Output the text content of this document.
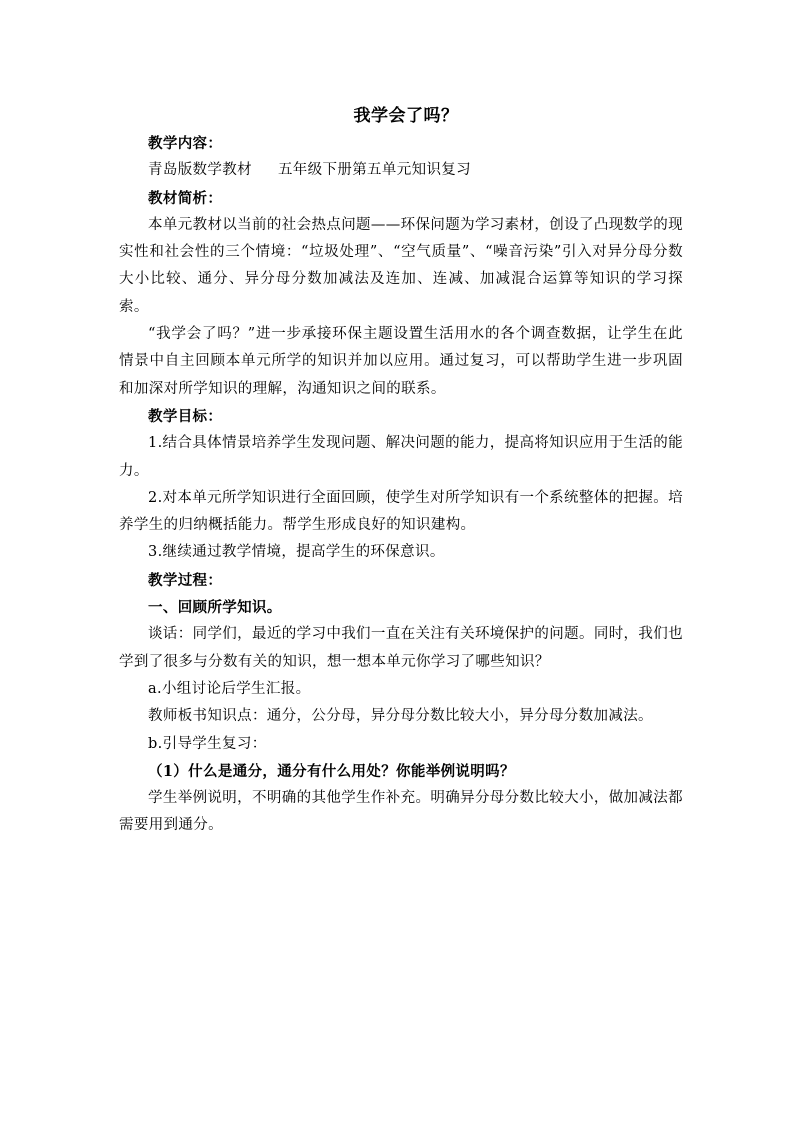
我学会了吗？

教学内容：

青岛版数学教材 五年级下册第五单元知识复习

教材简析：

本单元教材以当前的社会热点问题——环保问题为学习素材，创设了凸现数学的现实性和社会性的三个情境：“垃圾处理”、“空气质量”、“噪音污染”引入对异分母分数大小比较、通分、异分母分数加减法及连加、连减、加减混合运算等知识的学习探索。

“我学会了吗？”进一步承接环保主题设置生活用水的各个调查数据，让学生在此情景中自主回顾本单元所学的知识并加以应用。通过复习，可以帮助学生进一步巩固和加深对所学知识的理解，沟通知识之间的联系。

教学目标：

1.结合具体情景培养学生发现问题、解决问题的能力，提高将知识应用于生活的能力。

2.对本单元所学知识进行全面回顾，使学生对所学知识有一个系统整体的把握。培养学生的归纳概括能力。帮学生形成良好的知识建构。

3.继续通过教学情境，提高学生的环保意识。

教学过程：

一、回顾所学知识。

谈话：同学们，最近的学习中我们一直在关注有关环境保护的问题。同时，我们也学到了很多与分数有关的知识，想一想本单元你学习了哪些知识？

a.小组讨论后学生汇报。

教师板书知识点：通分，公分母，异分母分数比较大小，异分母分数加减法。

b.引导学生复习：

（1）什么是通分，通分有什么用处？你能举例说明吗？

学生举例说明，不明确的其他学生作补充。明确异分母分数比较大小，做加减法都需要用到通分。
